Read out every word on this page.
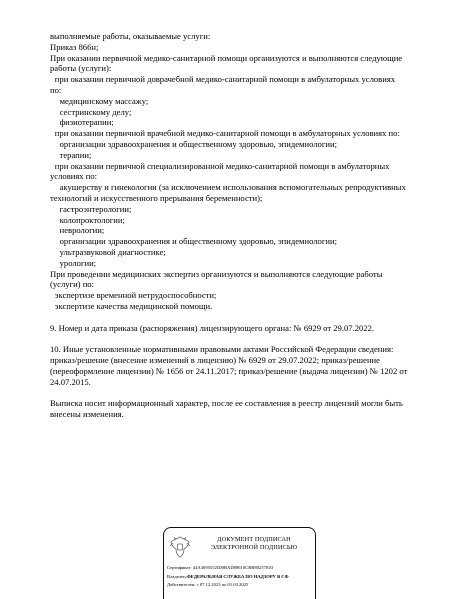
выполняемые работы, оказываемые услуги:
Приказ 866н;
При оказании первичной медико-санитарной помощи организуются и выполняются следующие
работы (услуги):
при оказании первичной доврачебной медико-санитарной помощи в амбулаторных условиях
по:
медицинскому массажу;
сестринскому делу;
физиотерапии;
при оказании первичной врачебной медико-санитарной помощи в амбулаторных условиях по:
организации здравоохранения и общественному здоровью, эпидемиологии;
терапии;
при оказании первичной специализированной медико-санитарной помощи в амбулаторных
условиях по:
акушерству и гинекологии (за исключением использования вспомогательных репродуктивных
технологий и искусственного прерывания беременности);
гастроэнтерологии;
колопроктологии;
неврологии;
организации здравоохранения и общественному здоровью, эпидемиологии;
ультразвуковой диагностике;
урологии;
При проведении медицинских экспертиз организуются и выполняются следующие работы
(услуги) по:
экспертизе временной нетрудоспособности;
экспертизе качества медицинской помощи.
9. Номер и дата приказа (распоряжения) лицензирующего органа: № 6929 от 29.07.2022.
10. Иные установленные нормативными правовыми актами Российской Федерации сведения:
приказ/решение (внесение изменений в лицензию) № 6929 от 29.07.2022; приказ/решение
(переоформление лицензии) № 1656 от 24.11.2017; приказ/решение (выдача лицензии) № 1202 от
24.07.2015.
Выписка носит информационный характер, после ее составления в реестр лицензий могли быть
внесены изменения.
ДОКУМЕНТ ПОДПИСАН
ЭЛЕКТРОННОЙ ПОДПИСЬЮ
Сертификат: 44A3695552ID0BAD08610CBB88257E03
Владелец:ФЕДЕРАЛЬНАЯ СЛУЖБА ПО НАДЗОРУ В СФ
Действителен: с 07.12.2023 по 01.03.2025
